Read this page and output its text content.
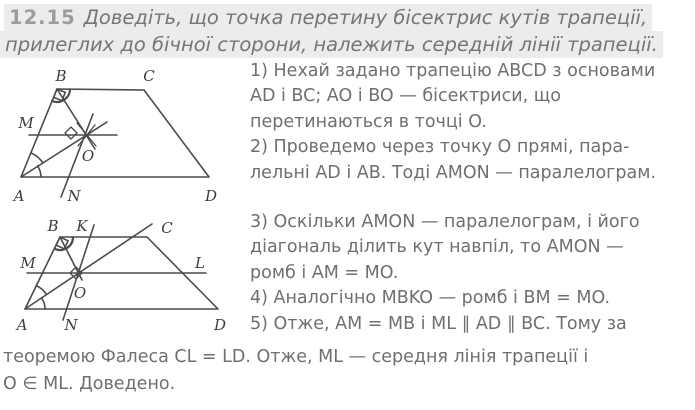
12.15 Доведіть, що точка перетину бісектрис кутів трапеції,
прилеглих до бічної сторони, належить середній лінії трапеції.
B	C
M
O
A	N	D
B K	C
M	L
O
A N	D
1) Нехай задано трапецію ABCD з основами
AD і BC; AO і BO — бісектриси, що
перетинаються в точці O.
2) Проведемо через точку O прямі, пара-
лельні AD і AB. Тоді AMON — паралелограм.
3) Оскільки AMON — паралелограм, і його
діагональ ділить кут навпіл, то AMON —
ромб і AM = MO.
4) Аналогічно MBKO — ромб і BM = MO.
5) Отже, AM = MB і ML ∥ AD ∥ BC. Тому за
теоремою Фалеса CL = LD. Отже, ML — середня лінія трапеції і
O ∈ ML. Доведено.
